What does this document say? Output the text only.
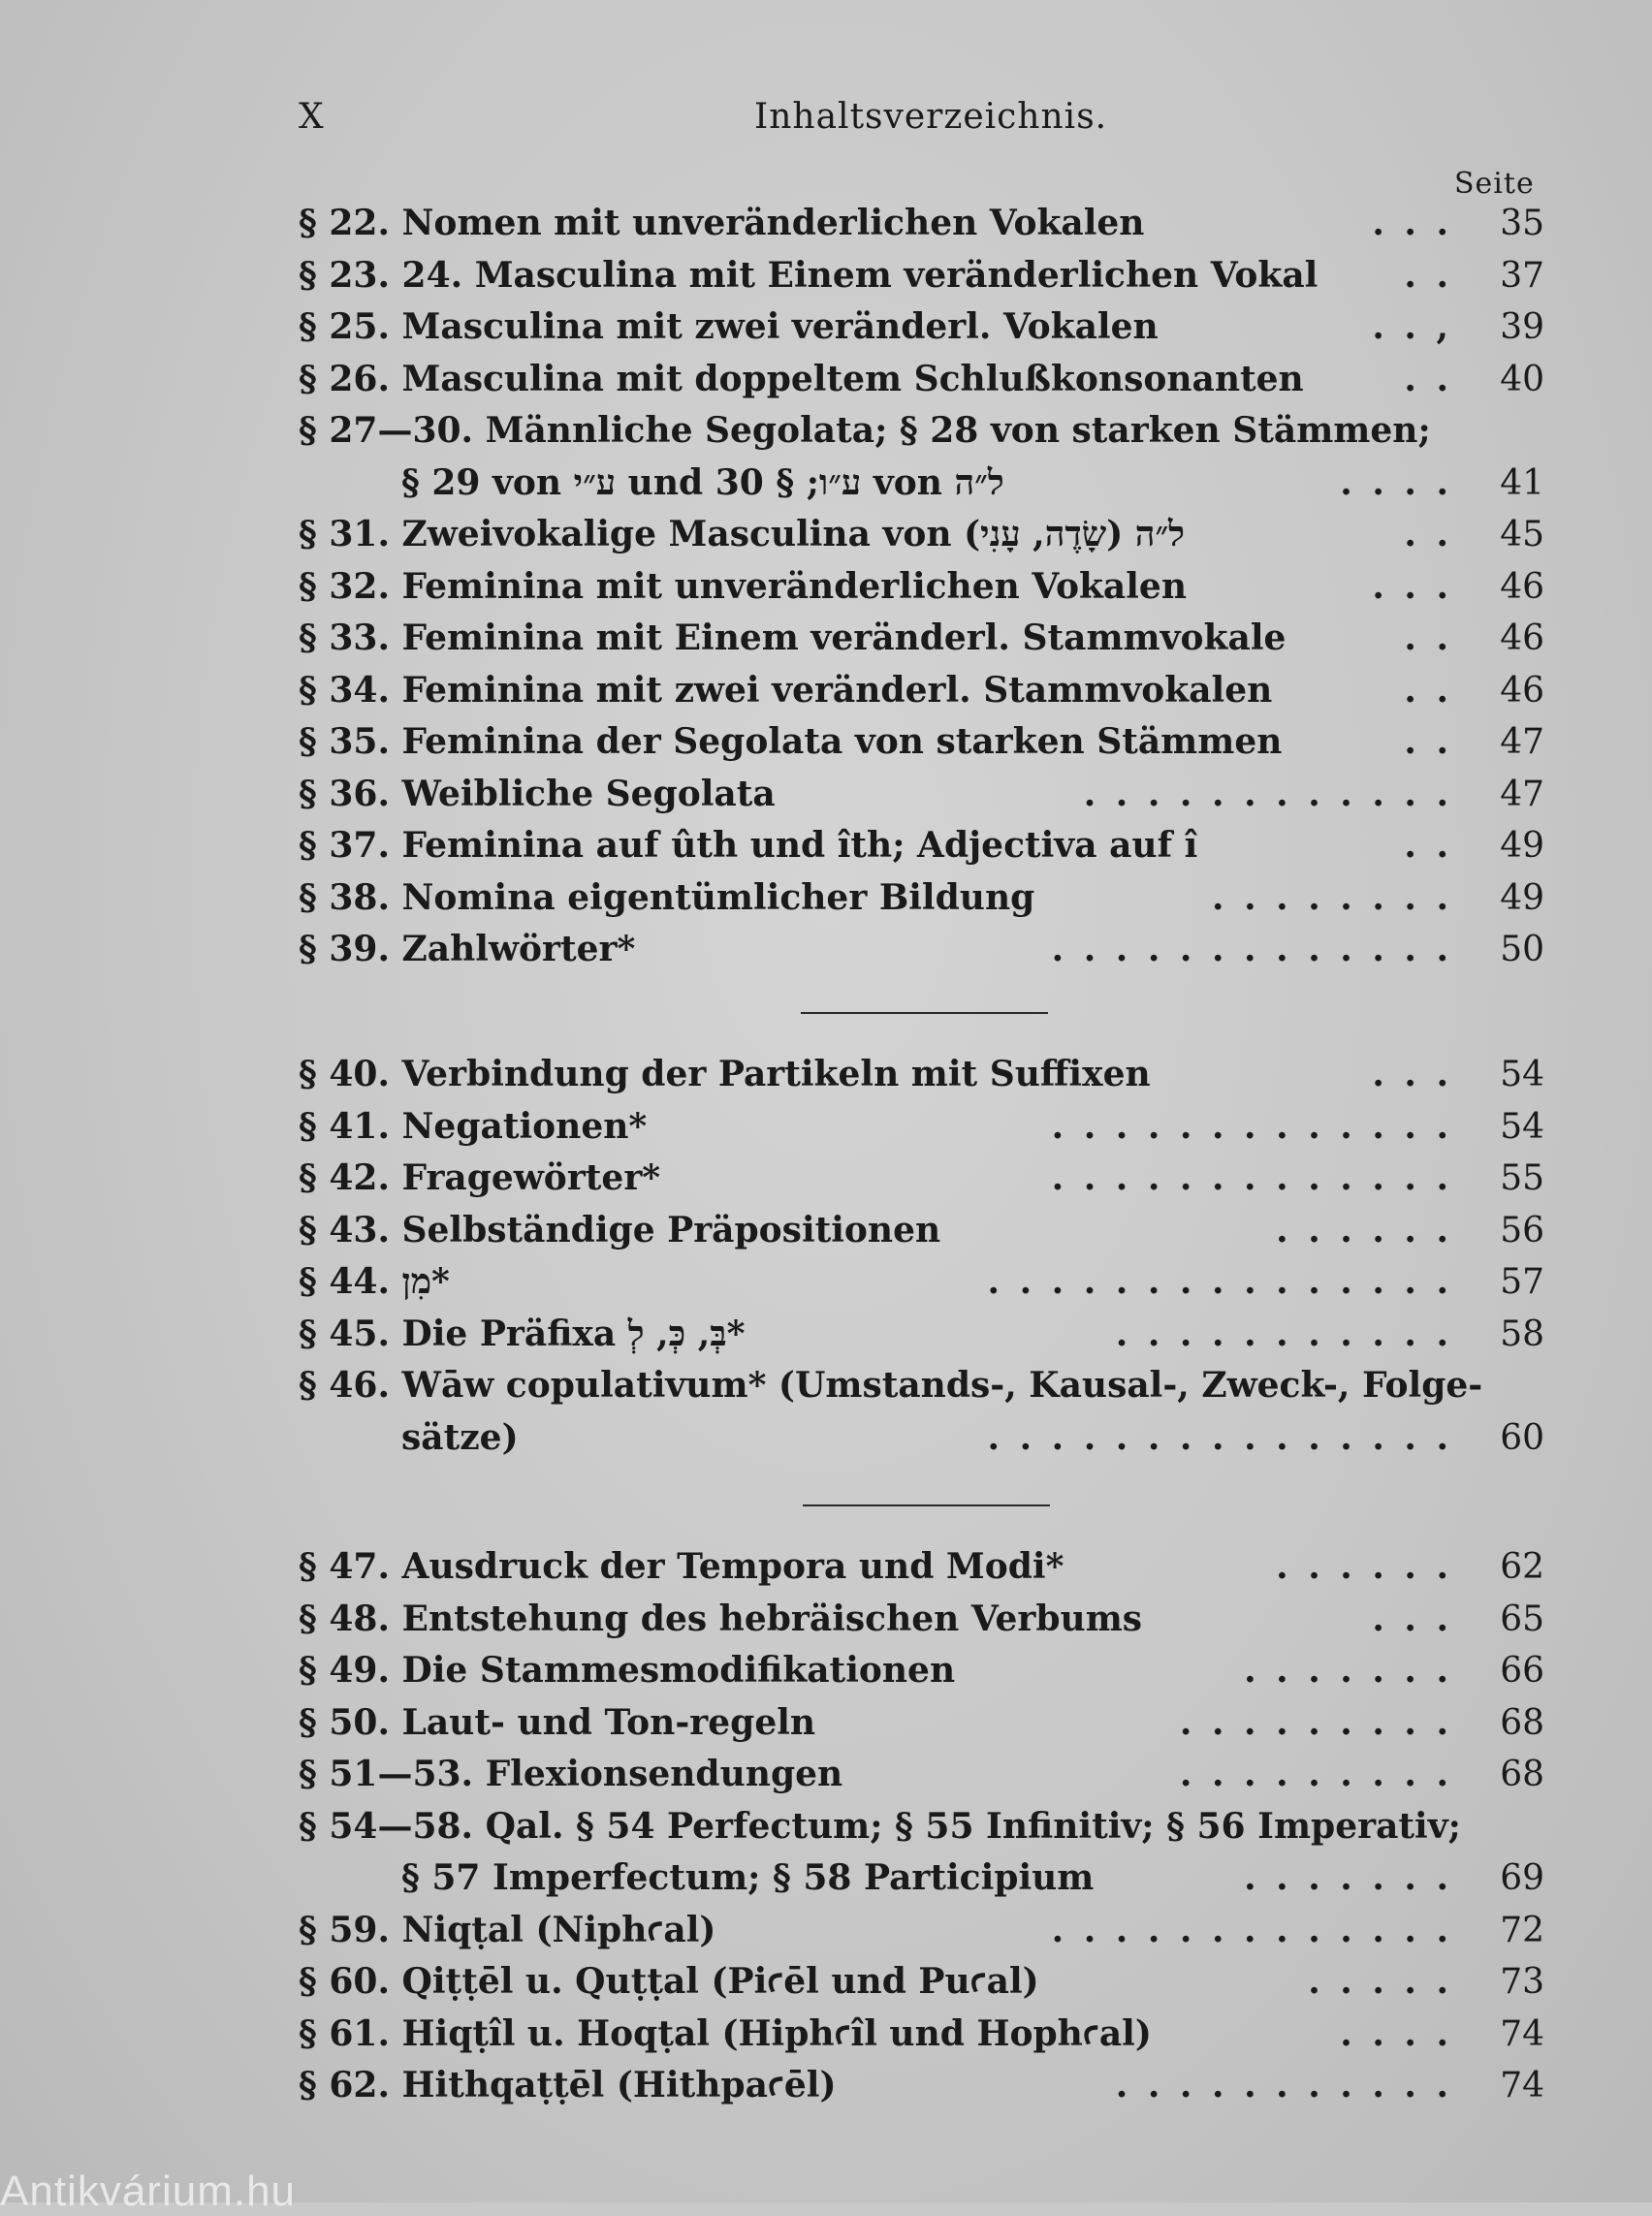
X	Inhaltsverzeichnis.
Seite
§ 22. Nomen mit unveränderlichen Vokalen	. . .	35
§ 23. 24. Masculina mit Einem veränderlichen Vokal . .	37
§ 25. Masculina mit zwei veränderl. Vokalen	. . ,	39
§ 26. Masculina mit doppeltem Schlußkonsonanten	. .	40
§ 27—30. Männliche Segolata; § 28 von starken Stämmen;
§ 29 von ע״י und ע״ו; § 30 von ל״ה	. . . .	41
§ 31. Zweivokalige Masculina von ל״ה (שָׂדֶה, עָנִי)	. .	45
§ 32. Feminina mit unveränderlichen Vokalen	. . .	46
§ 33. Feminina mit Einem veränderl. Stammvokale	. .	46
§ 34. Feminina mit zwei veränderl. Stammvokalen	. .	46
§ 35. Feminina der Segolata von starken Stämmen	. .	47
§ 36. Weibliche Segolata	. . . . . . . . . . . .	47
§ 37. Feminina auf ûth und îth; Adjectiva auf î	. .	49
§ 38. Nomina eigentümlicher Bildung	. . . . . . . .	49
§ 39. Zahlwörter*	. . . . . . . . . . . . .	50
§ 40. Verbindung der Partikeln mit Suffixen	. . .	54
§ 41. Negationen*	. . . . . . . . . . . . .	54
§ 42. Fragewörter*	. . . . . . . . . . . . .	55
§ 43. Selbständige Präpositionen	. . . . . .	56
§ 44. מִן*	. . . . . . . . . . . . . . .	57
§ 45. Die Präfixa בְּ, כְּ, לְ*	. . . . . . . . . . .	58
§ 46. Wāw copulativum* (Umstands-, Kausal-, Zweck-, Folge-
sätze)	. . . . . . . . . . . . . . .	60
§ 47. Ausdruck der Tempora und Modi*	. . . . . .	62
§ 48. Entstehung des hebräischen Verbums	. . .	65
§ 49. Die Stammesmodifikationen	. . . . . . .	66
§ 50. Laut- und Ton-regeln	. . . . . . . . .	68
§ 51—53. Flexionsendungen	. . . . . . . . .	68
§ 54—58. Qal. § 54 Perfectum; § 55 Infinitiv; § 56 Imperativ;
§ 57 Imperfectum; § 58 Participium	. . . . . . .	69
§ 59. Niqṭal (Niphꜥal)	. . . . . . . . . . . . .	72
§ 60. Qiṭṭēl u. Quṭṭal (Piꜥēl und Puꜥal)	. . . . .	73
§ 61. Hiqṭîl u. Hoqṭal (Hiphꜥîl und Hophꜥal)	. . . .	74
§ 62. Hithqaṭṭēl (Hithpaꜥēl)	. . . . . . . . . . .	74
Antikvárium.hu
